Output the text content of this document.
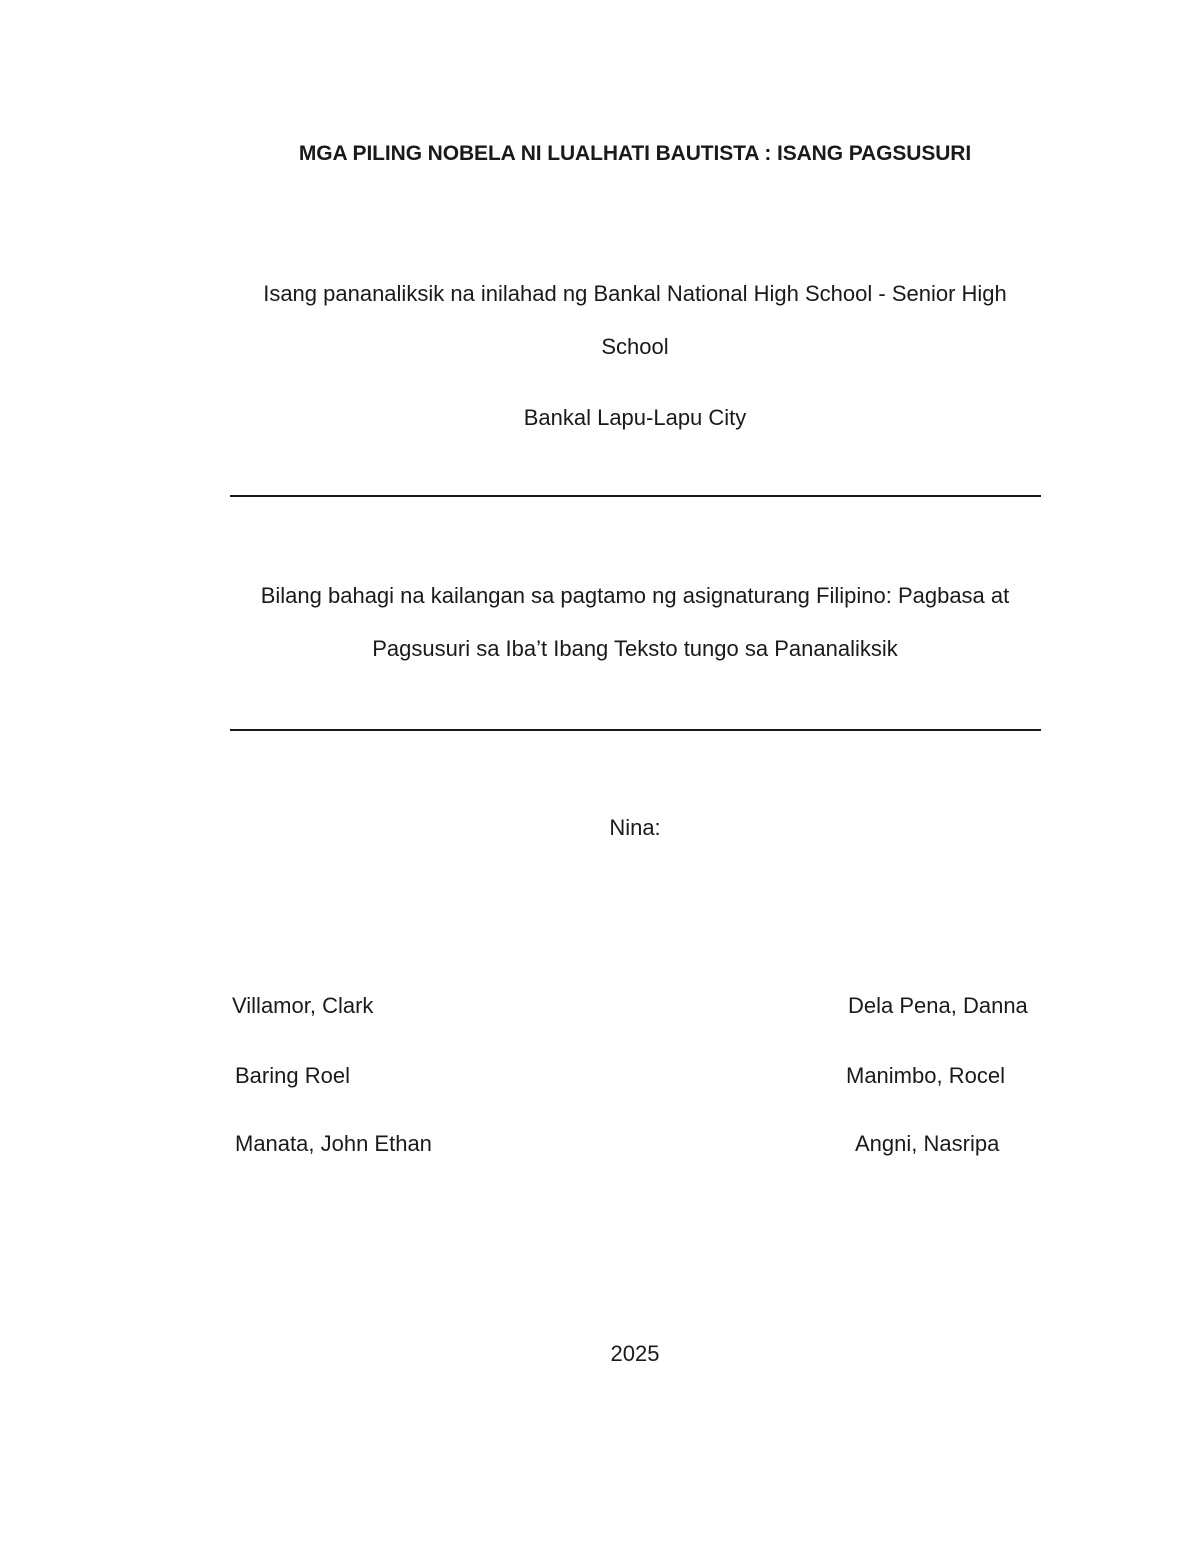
MGA PILING NOBELA NI LUALHATI BAUTISTA : ISANG PAGSUSURI
Isang pananaliksik na inilahad ng Bankal National High School - Senior High
School
Bankal Lapu-Lapu City
Bilang bahagi na kailangan sa pagtamo ng asignaturang Filipino: Pagbasa at
Pagsusuri sa Iba’t Ibang Teksto tungo sa Pananaliksik
Nina:
Villamor, Clark
Baring Roel
Manata, John Ethan
Dela Pena, Danna
Manimbo, Rocel
Angni, Nasripa
2025
